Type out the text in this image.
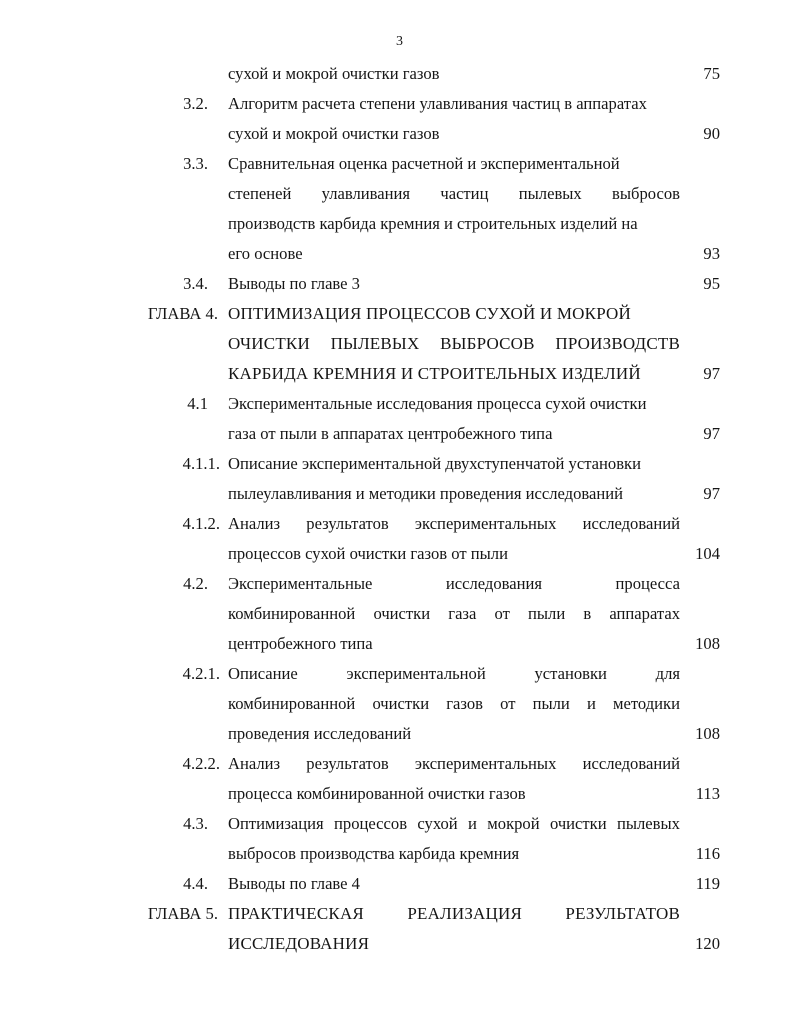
3
сухой и мокрой очистки газов	75
3.2. Алгоритм расчета степени улавливания частиц в аппаратах
сухой и мокрой очистки газов	90
3.3. Сравнительная оценка расчетной и экспериментальной
степеней улавливания частиц пылевых выбросов
производств карбида кремния и строительных изделий на
его основе	93
3.4. Выводы по главе 3	95
ГЛАВА 4. ОПТИМИЗАЦИЯ ПРОЦЕССОВ СУХОЙ И МОКРОЙ
ОЧИСТКИ ПЫЛЕВЫХ ВЫБРОСОВ ПРОИЗВОДСТВ
КАРБИДА КРЕМНИЯ И СТРОИТЕЛЬНЫХ ИЗДЕЛИЙ	97
4.1 Экспериментальные исследования процесса сухой очистки
газа от пыли в аппаратах центробежного типа	97
4.1.1. Описание экспериментальной двухступенчатой установки
пылеулавливания и методики проведения исследований	97
4.1.2. Анализ результатов экспериментальных исследований
процессов сухой очистки газов от пыли	104
4.2. Экспериментальные	исследования	процесса
комбинированной очистки газа от пыли в аппаратах
центробежного типа	108
4.2.1. Описание	экспериментальной	установки	для
комбинированной очистки газов от пыли и методики
проведения исследований	108
4.2.2. Анализ результатов экспериментальных исследований
процесса комбинированной очистки газов	113
4.3. Оптимизация процессов сухой и мокрой очистки пылевых
выбросов производства карбида кремния	116
4.4. Выводы по главе 4	119
ГЛАВА 5. ПРАКТИЧЕСКАЯ	РЕАЛИЗАЦИЯ	РЕЗУЛЬТАТОВ
ИССЛЕДОВАНИЯ	120
